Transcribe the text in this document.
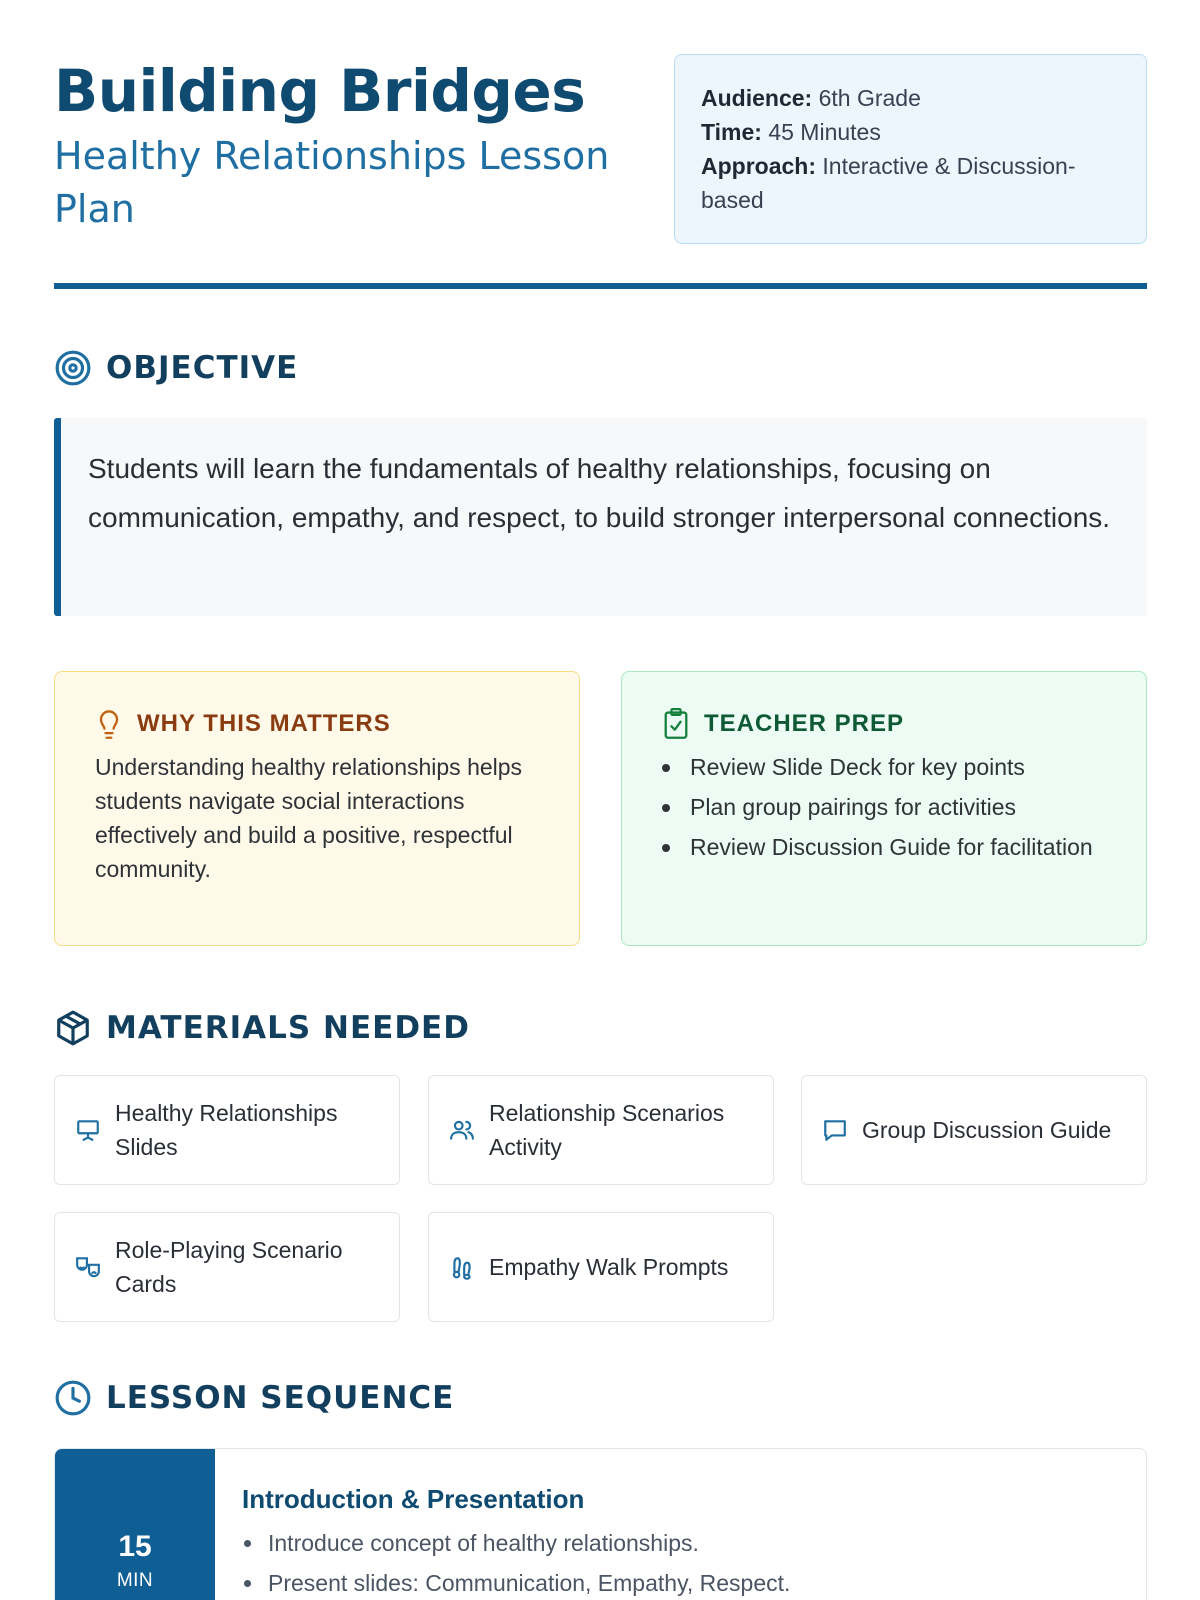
Building Bridges
Healthy Relationships Lesson Plan
Audience: 6th Grade
Time: 45 Minutes
Approach: Interactive & Discussion-based
OBJECTIVE
Students will learn the fundamentals of healthy relationships, focusing on communication, empathy, and respect, to build stronger interpersonal connections.
WHY THIS MATTERS

Understanding healthy relationships helps students navigate social interactions effectively and build a positive, respectful community.

TEACHER PREP
Review Slide Deck for key points
Plan group pairings for activities
Review Discussion Guide for facilitation
MATERIALS NEEDED
Healthy Relationships Slides
Relationship Scenarios Activity
Group Discussion Guide
Role-Playing Scenario Cards
Empathy Walk Prompts
LESSON SEQUENCE
15
MIN
Introduction & Presentation
Introduce concept of healthy relationships.
Present slides: Communication, Empathy, Respect.
